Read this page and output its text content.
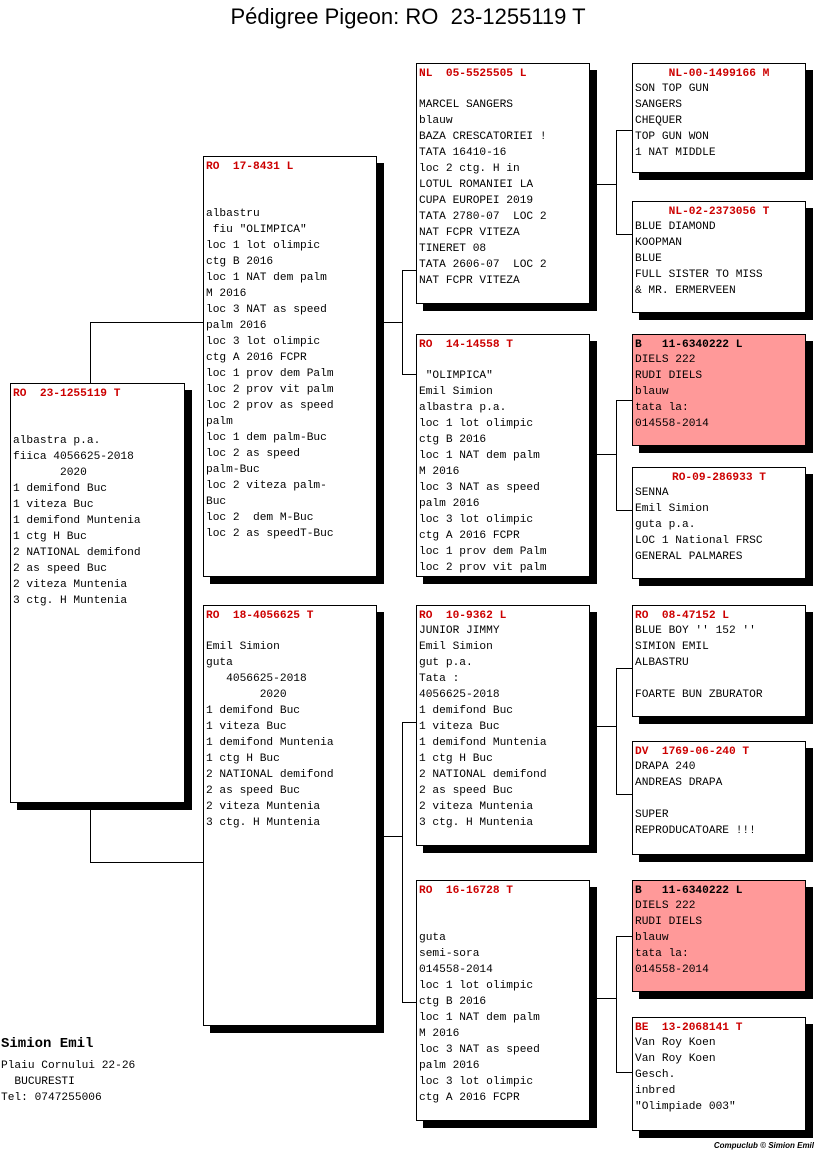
Pédigree Pigeon: RO  23-1255119 T
RO  23-1255119 T
albastra p.a.
fiica 4056625-2018
2020
1 demifond Buc
1 viteza Buc
1 demifond Muntenia
1 ctg H Buc
2 NATIONAL demifond
2 as speed Buc
2 viteza Muntenia
3 ctg. H Muntenia
RO  17-8431 L
albastru
fiu "OLIMPICA"
loc 1 lot olimpic
ctg B 2016
loc 1 NAT dem palm
M 2016
loc 3 NAT as speed
palm 2016
loc 3 lot olimpic
ctg A 2016 FCPR
loc 1 prov dem Palm
loc 2 prov vit palm
loc 2 prov as speed
palm
loc 1 dem palm-Buc
loc 2 as speed
palm-Buc
loc 2 viteza palm-
Buc
loc 2  dem M-Buc
loc 2 as speedT-Buc
RO  18-4056625 T
Emil Simion
guta
4056625-2018
2020
1 demifond Buc
1 viteza Buc
1 demifond Muntenia
1 ctg H Buc
2 NATIONAL demifond
2 as speed Buc
2 viteza Muntenia
3 ctg. H Muntenia
NL  05-5525505 L
MARCEL SANGERS
blauw
BAZA CRESCATORIEI !
TATA 16410-16
loc 2 ctg. H in
LOTUL ROMANIEI LA
CUPA EUROPEI 2019
TATA 2780-07  LOC 2
NAT FCPR VITEZA
TINERET 08
TATA 2606-07  LOC 2
NAT FCPR VITEZA
RO  14-14558 T
"OLIMPICA"
Emil Simion
albastra p.a.
loc 1 lot olimpic
ctg B 2016
loc 1 NAT dem palm
M 2016
loc 3 NAT as speed
palm 2016
loc 3 lot olimpic
ctg A 2016 FCPR
loc 1 prov dem Palm
loc 2 prov vit palm
RO  10-9362 L
JUNIOR JIMMY
Emil Simion
gut p.a.
Tata :
4056625-2018
1 demifond Buc
1 viteza Buc
1 demifond Muntenia
1 ctg H Buc
2 NATIONAL demifond
2 as speed Buc
2 viteza Muntenia
3 ctg. H Muntenia
RO  16-16728 T
guta
semi-sora
014558-2014
loc 1 lot olimpic
ctg B 2016
loc 1 NAT dem palm
M 2016
loc 3 NAT as speed
palm 2016
loc 3 lot olimpic
ctg A 2016 FCPR
NL-00-1499166 M
SON TOP GUN
SANGERS
CHEQUER
TOP GUN WON
1 NAT MIDDLE
NL-02-2373056 T
BLUE DIAMOND
KOOPMAN
BLUE
FULL SISTER TO MISS
& MR. ERMERVEEN
B   11-6340222 L
DIELS 222
RUDI DIELS
blauw
tata la:
014558-2014
RO-09-286933 T
SENNA
Emil Simion
guta p.a.
LOC 1 National FRSC
GENERAL PALMARES
RO  08-47152 L
BLUE BOY '' 152 ''
SIMION EMIL
ALBASTRU
FOARTE BUN ZBURATOR
DV  1769-06-240 T
DRAPA 240
ANDREAS DRAPA
SUPER
REPRODUCATOARE !!!
B   11-6340222 L
DIELS 222
RUDI DIELS
blauw
tata la:
014558-2014
BE  13-2068141 T
Van Roy Koen
Van Roy Koen
Gesch.
inbred
"Olimpiade 003"
Simion Emil
Plaiu Cornului 22-26
BUCURESTI
Tel: 0747255006
Compuclub © Simion Emil
